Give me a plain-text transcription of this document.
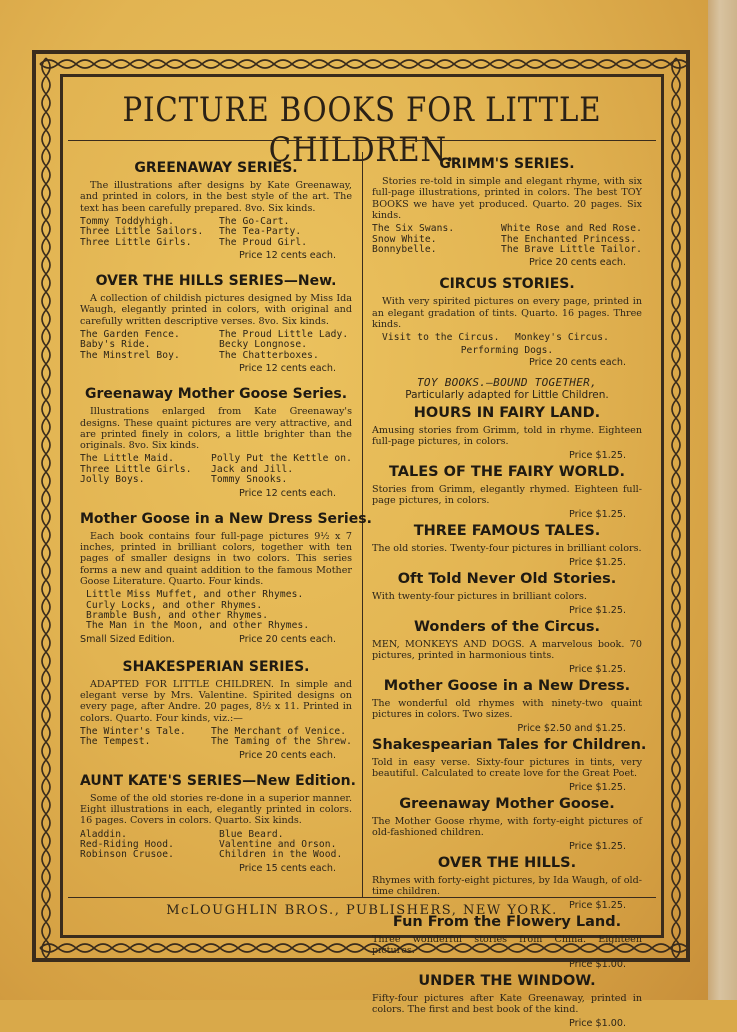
PICTURE BOOKS FOR LITTLE CHILDREN.
GREENAWAY SERIES.
The illustrations after designs by Kate Greenaway, and printed in colors, in the best style of the art. The text has been carefully prepared. 8vo. Six kinds.
Tommy Toddyhigh.	The Go-Cart.
Three Little Sailors.	The Tea-Party.
Three Little Girls.	The Proud Girl.
Price 12 cents each.
OVER THE HILLS SERIES—New.
A collection of childish pictures designed by Miss Ida Waugh, elegantly printed in colors, with original and carefully written descriptive verses. 8vo. Six kinds.
The Garden Fence.	The Proud Little Lady.
Baby's Ride.	Becky Longnose.
The Minstrel Boy.	The Chatterboxes.
Price 12 cents each.
Greenaway Mother Goose Series.
Illustrations enlarged from Kate Greenaway's designs. These quaint pictures are very attractive, and are printed finely in colors, a little brighter than the originals. 8vo. Six kinds.
The Little Maid.	Polly Put the Kettle on.
Three Little Girls.	Jack and Jill.
Jolly Boys.	Tommy Snooks.
Price 12 cents each.
Mother Goose in a New Dress Series.
Each book contains four full-page pictures 9½ x 7 inches, printed in brilliant colors, together with ten pages of smaller designs in two colors. This series forms a new and quaint addition to the famous Mother Goose Literature. Quarto. Four kinds.
Little Miss Muffet, and other Rhymes.
Curly Locks, and other Rhymes.
Bramble Bush, and other Rhymes.
The Man in the Moon, and other Rhymes.
Small Sized Edition.	Price 20 cents each.
SHAKESPERIAN SERIES.
ADAPTED FOR LITTLE CHILDREN. In simple and elegant verse by Mrs. Valentine. Spirited designs on every page, after Andre. 20 pages, 8½ x 11. Printed in colors. Quarto. Four kinds, viz.:—
The Winter's Tale.	The Merchant of Venice.
The Tempest.	The Taming of the Shrew.
Price 20 cents each.
AUNT KATE'S SERIES—New Edition.
Some of the old stories re-done in a superior manner. Eight illustrations in each, elegantly printed in colors. 16 pages. Covers in colors. Quarto. Six kinds.
Aladdin.	Blue Beard.
Red-Riding Hood.	Valentine and Orson.
Robinson Crusoe.	Children in the Wood.
Price 15 cents each.
GRIMM'S SERIES.
Stories re-told in simple and elegant rhyme, with six full-page illustrations, printed in colors. The best TOY BOOKS we have yet produced. Quarto. 20 pages. Six kinds.
The Six Swans.	White Rose and Red Rose.
Snow White.	The Enchanted Princess.
Bonnybelle.	The Brave Little Tailor.
Price 20 cents each.
CIRCUS STORIES.
With very spirited pictures on every page, printed in an elegant gradation of tints. Quarto. 16 pages. Three kinds.
Visit to the Circus.	Monkey's Circus.
Performing Dogs.
Price 20 cents each.
TOY BOOKS.—BOUND TOGETHER,
Particularly adapted for Little Children.
HOURS IN FAIRY LAND.
Amusing stories from Grimm, told in rhyme. Eighteen full-page pictures, in colors.
Price $1.25.
TALES OF THE FAIRY WORLD.
Stories from Grimm, elegantly rhymed. Eighteen full-page pictures, in colors.
Price $1.25.
THREE FAMOUS TALES.
The old stories. Twenty-four pictures in brilliant colors.
Price $1.25.
Oft Told Never Old Stories.
With twenty-four pictures in brilliant colors.
Price $1.25.
Wonders of the Circus.
MEN, MONKEYS AND DOGS. A marvelous book. 70 pictures, printed in harmonious tints.
Price $1.25.
Mother Goose in a New Dress.
The wonderful old rhymes with ninety-two quaint pictures in colors. Two sizes.
Price $2.50 and $1.25.
Shakespearian Tales for Children.
Told in easy verse. Sixty-four pictures in tints, very beautiful. Calculated to create love for the Great Poet.
Price $1.25.
Greenaway Mother Goose.
The Mother Goose rhyme, with forty-eight pictures of old-fashioned children.
Price $1.25.
OVER THE HILLS.
Rhymes with forty-eight pictures, by Ida Waugh, of old-time children.
Price $1.25.
Fun From the Flowery Land.
Three wonderful stories from China. Eighteen pictures.
Price $1.00.
UNDER THE WINDOW.
Fifty-four pictures after Kate Greenaway, printed in colors. The first and best book of the kind.
Price $1.00.
McLOUGHLIN BROS., PUBLISHERS, NEW YORK.
